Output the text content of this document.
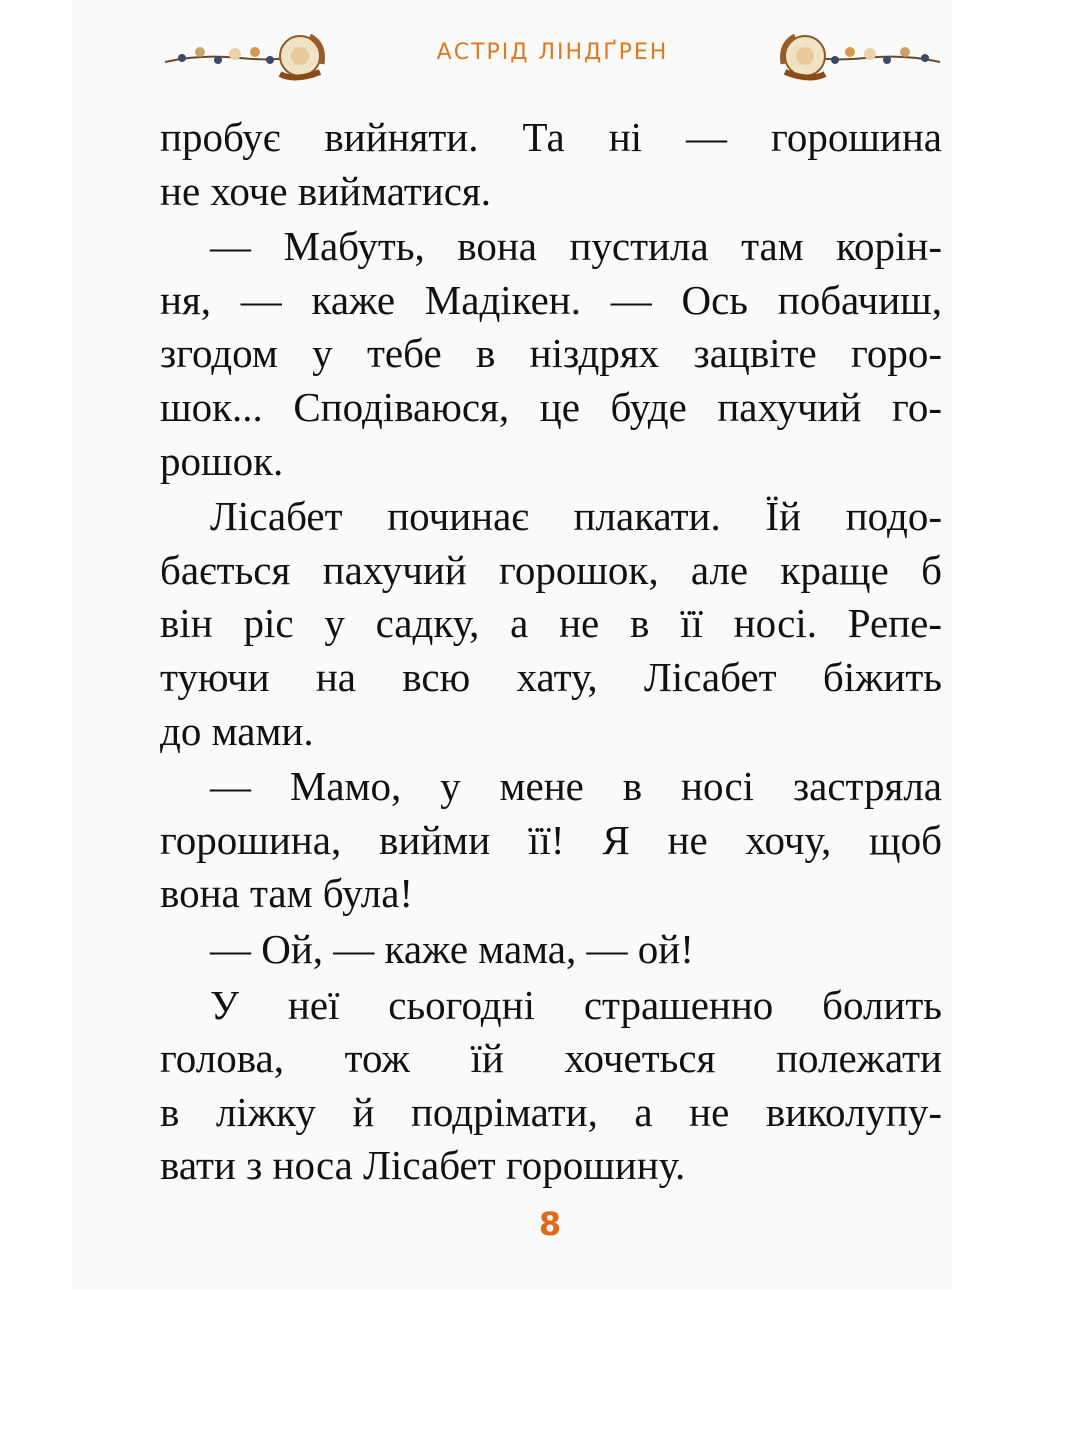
АСТРІД ЛІНДҐРЕН

пробує вийняти. Та ні — горошина
не хоче вийматися.

— Мабуть, вона пустила там корін-
ня, — каже Мадікен. — Ось побачиш,
згодом у тебе в ніздрях зацвіте горо-
шок... Сподіваюся, це буде пахучий го-
рошок.

Лісабет починає плакати. Їй подо-
бається пахучий горошок, але краще б
він ріс у садку, а не в її носі. Репе-
туючи на всю хату, Лісабет біжить
до мами.

— Мамо, у мене в носі застряла
горошина, вийми її! Я не хочу, щоб
вона там була!

— Ой, — каже мама, — ой!

У неї сьогодні страшенно болить
голова, тож їй хочеться полежати
в ліжку й подрімати, а не виколупу-
вати з носа Лісабет горошину.

8
